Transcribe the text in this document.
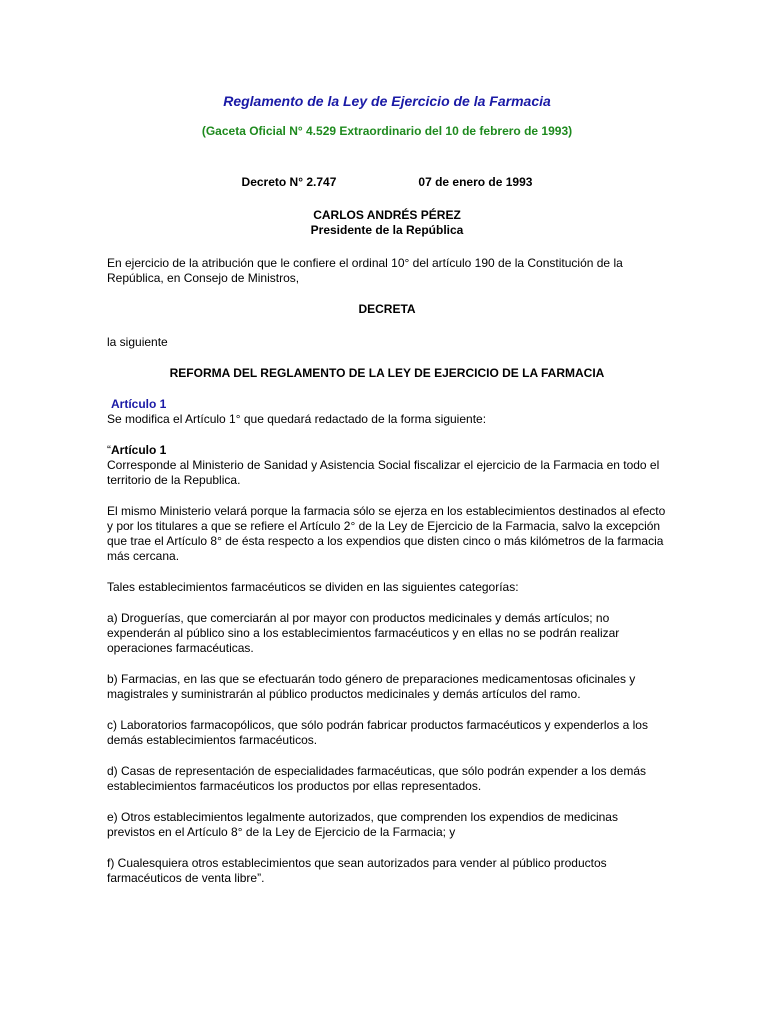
Reglamento de la Ley de Ejercicio de la Farmacia
(Gaceta Oficial N° 4.529 Extraordinario del 10 de febrero de 1993)
Decreto N° 2.747	07 de enero de 1993
CARLOS ANDRÉS PÉREZ
Presidente de la República

En ejercicio de la atribución que le confiere el ordinal 10° del artículo 190 de la Constitución de la República, en Consejo de Ministros,

DECRETA

la siguiente

REFORMA DEL REGLAMENTO DE LA LEY DE EJERCICIO DE LA FARMACIA
Artículo 1

Se modifica el Artículo 1° que quedará redactado de la forma siguiente:

“Artículo 1

Corresponde al Ministerio de Sanidad y Asistencia Social fiscalizar el ejercicio de la Farmacia en todo el territorio de la Republica.

El mismo Ministerio velará porque la farmacia sólo se ejerza en los establecimientos destinados al efecto y por los titulares a que se refiere el Artículo 2° de la Ley de Ejercicio de la Farmacia, salvo la excepción que trae el Artículo 8° de ésta respecto a los expendios que disten cinco o más kilómetros de la farmacia más cercana.

Tales establecimientos farmacéuticos se dividen en las siguientes categorías:

a) Droguerías, que comerciarán al por mayor con productos medicinales y demás artículos; no expenderán al público sino a los establecimientos farmacéuticos y en ellas no se podrán realizar operaciones farmacéuticas.

b) Farmacias, en las que se efectuarán todo género de preparaciones medicamentosas oficinales y magistrales y suministrarán al público productos medicinales y demás artículos del ramo.

c) Laboratorios farmacopólicos, que sólo podrán fabricar productos farmacéuticos y expenderlos a los demás establecimientos farmacéuticos.

d) Casas de representación de especialidades farmacéuticas, que sólo podrán expender a los demás establecimientos farmacéuticos los productos por ellas representados.

e) Otros establecimientos legalmente autorizados, que comprenden los expendios de medicinas previstos en el Artículo 8° de la Ley de Ejercicio de la Farmacia; y

f) Cualesquiera otros establecimientos que sean autorizados para vender al público productos farmacéuticos de venta libre”.
